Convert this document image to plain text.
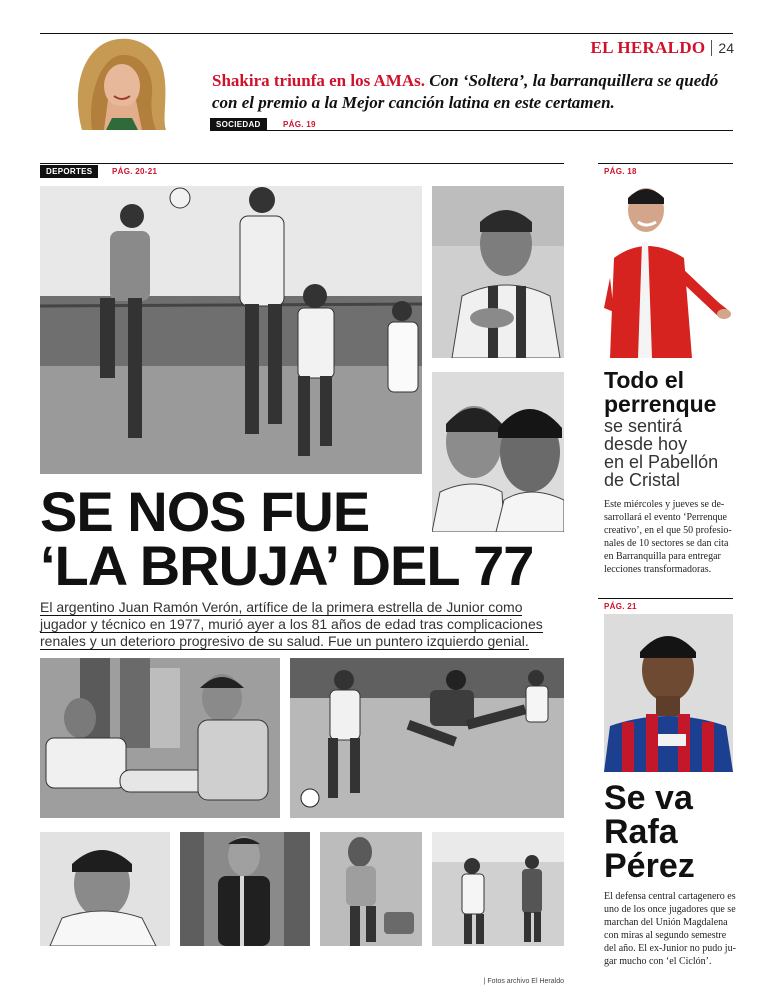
EL HERALDO 24
Shakira triunfa en los AMAs. Con ‘Soltera’, la barranquillera se quedó con el premio a la Mejor canción latina en este certamen.
SOCIEDAD	PÁG. 19
DEPORTES	PÁG. 20-21
SE NOS FUE
‘LA BRUJA’ DEL 77
El argentino Juan Ramón Verón, artífice de la primera estrella de Junior como
jugador y técnico en 1977, murió ayer a los 81 años de edad tras complicaciones
renales y un deterioro progresivo de su salud. Fue un puntero izquierdo genial.
| Fotos archivo El Heraldo
PÁG. 18
Todo el
perrenque
se sentirá
desde hoy
en el Pabellón
de Cristal
Este miércoles y jueves se de-
sarrollará el evento ‘Perrenque
creativo’, en el que 50 profesio-
nales de 10 sectores se dan cita
en Barranquilla para entregar
lecciones transformadoras.
PÁG. 21
Se va
Rafa
Pérez
El defensa central cartagenero es
uno de los once jugadores que se
marchan del Unión Magdalena
con miras al segundo semestre
del año. El ex-Junior no pudo ju-
gar mucho con ‘el Ciclón’.
